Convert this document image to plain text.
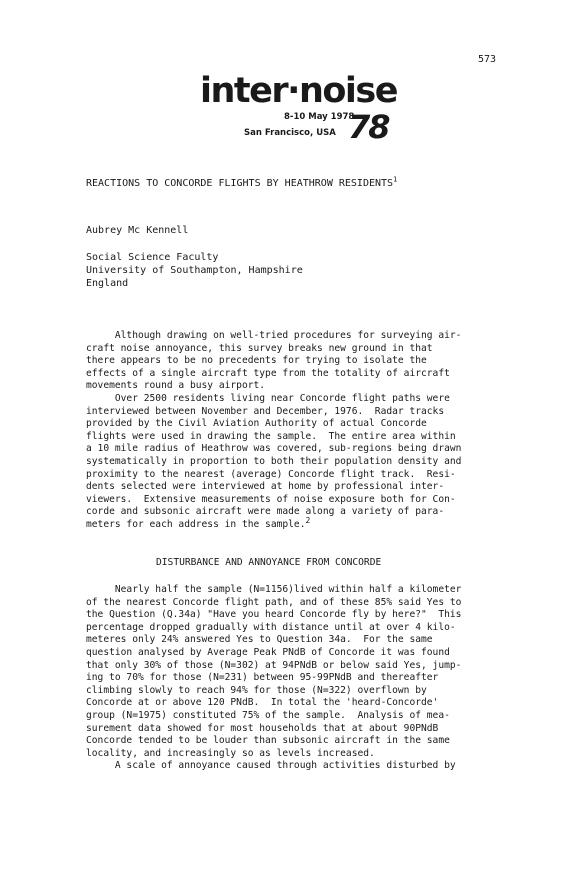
573
inter·noise
8-10 May 1978
San Francisco, USA 78
REACTIONS TO CONCORDE FLIGHTS BY HEATHROW RESIDENTS$^1$
Aubrey Mc Kennell
Social Science Faculty
University of Southampton, Hampshire
England
Although drawing on well-tried procedures for surveying air-
craft noise annoyance, this survey breaks new ground in that
there appears to be no precedents for trying to isolate the
effects of a single aircraft type from the totality of aircraft
movements round a busy airport.
Over 2500 residents living near Concorde flight paths were
interviewed between November and December, 1976.  Radar tracks
provided by the Civil Aviation Authority of actual Concorde
flights were used in drawing the sample.  The entire area within
a 10 mile radius of Heathrow was covered, sub-regions being drawn
systematically in proportion to both their population density and
proximity to the nearest (average) Concorde flight track.  Resi-
dents selected were interviewed at home by professional inter-
viewers.  Extensive measurements of noise exposure both for Con-
corde and subsonic aircraft were made along a variety of para-
meters for each address in the sample.$^2$
DISTURBANCE AND ANNOYANCE FROM CONCORDE
Nearly half the sample (N=1156)lived within half a kilometer
of the nearest Concorde flight path, and of these 85% said Yes to
the Question (Q.34a) "Have you heard Concorde fly by here?"  This
percentage dropped gradually with distance until at over 4 kilo-
meteres only 24% answered Yes to Question 34a.  For the same
question analysed by Average Peak PNdB of Concorde it was found
that only 30% of those (N=302) at 94PNdB or below said Yes, jump-
ing to 70% for those (N=231) between 95-99PNdB and thereafter
climbing slowly to reach 94% for those (N=322) overflown by
Concorde at or above 120 PNdB.  In total the 'heard-Concorde'
group (N=1975) constituted 75% of the sample.  Analysis of mea-
surement data showed for most households that at about 90PNdB
Concorde tended to be louder than subsonic aircraft in the same
locality, and increasingly so as levels increased.
A scale of annoyance caused through activities disturbed by
